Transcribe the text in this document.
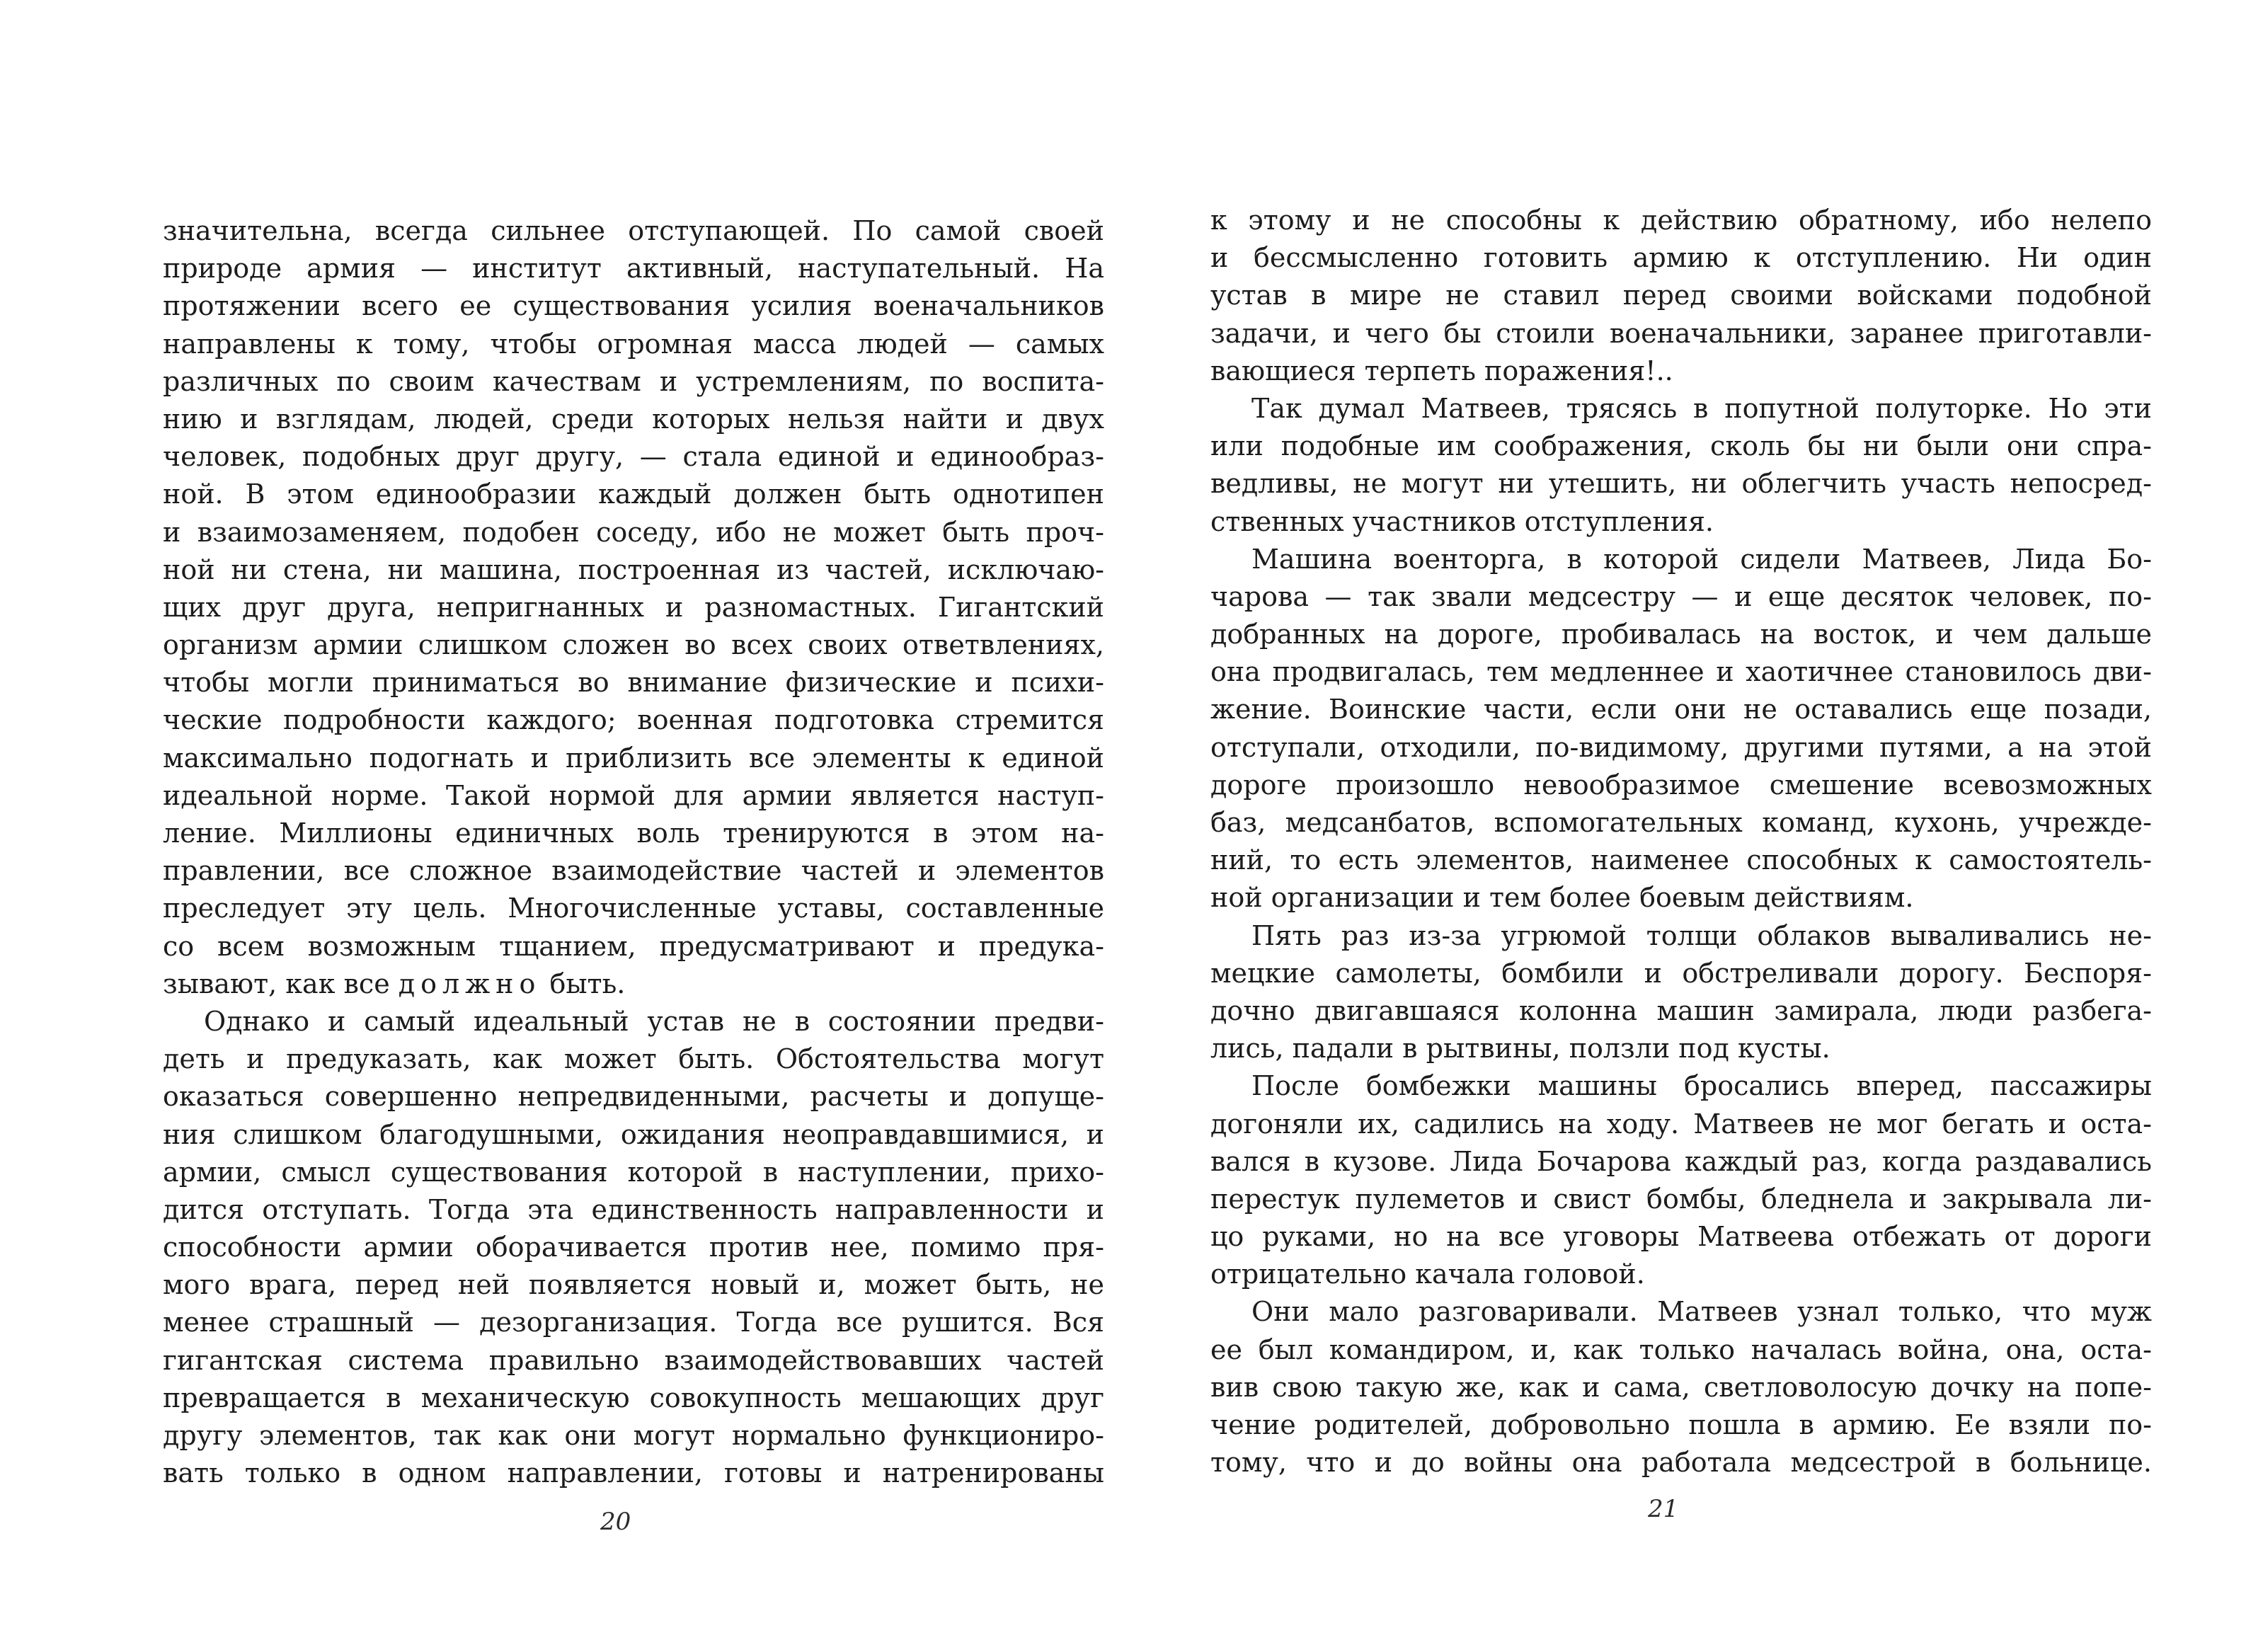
значительна, всегда сильнее отступающей. По самой своей
природе армия — институт активный, наступательный. На
протяжении всего ее существования усилия военачальников
направлены к тому, чтобы огромная масса людей — самых
различных по своим качествам и устремлениям, по воспита-
нию и взглядам, людей, среди которых нельзя найти и двух
человек, подобных друг другу, — стала единой и единообраз-
ной. В этом единообразии каждый должен быть однотипен
и взаимозаменяем, подобен соседу, ибо не может быть проч-
ной ни стена, ни машина, построенная из частей, исключаю-
щих друг друга, непригнанных и разномастных. Гигантский
организм армии слишком сложен во всех своих ответвлениях,
чтобы могли приниматься во внимание физические и психи-
ческие подробности каждого; военная подготовка стремится
максимально подогнать и приблизить все элементы к единой
идеальной норме. Такой нормой для армии является наступ-
ление. Миллионы единичных воль тренируются в этом на-
правлении, все сложное взаимодействие частей и элементов
преследует эту цель. Многочисленные уставы, составленные
со всем возможным тщанием, предусматривают и предука-
зывают, как все должно быть.
Однако и самый идеальный устав не в состоянии предви-
деть и предуказать, как может быть. Обстоятельства могут
оказаться совершенно непредвиденными, расчеты и допуще-
ния слишком благодушными, ожидания неоправдавшимися, и
армии, смысл существования которой в наступлении, прихо-
дится отступать. Тогда эта единственность направленности и
способности армии оборачивается против нее, помимо пря-
мого врага, перед ней появляется новый и, может быть, не
менее страшный — дезорганизация. Тогда все рушится. Вся
гигантская система правильно взаимодействовавших частей
превращается в механическую совокупность мешающих друг
другу элементов, так как они могут нормально функциониро-
вать только в одном направлении, готовы и натренированы
20
к этому и не способны к действию обратному, ибо нелепо
и бессмысленно готовить армию к отступлению. Ни один
устав в мире не ставил перед своими войсками подобной
задачи, и чего бы стоили военачальники, заранее приготавли-
вающиеся терпеть поражения!..
Так думал Матвеев, трясясь в попутной полуторке. Но эти
или подобные им соображения, сколь бы ни были они спра-
ведливы, не могут ни утешить, ни облегчить участь непосред-
ственных участников отступления.
Машина военторга, в которой сидели Матвеев, Лида Бо-
чарова — так звали медсестру — и еще десяток человек, по-
добранных на дороге, пробивалась на восток, и чем дальше
она продвигалась, тем медленнее и хаотичнее становилось дви-
жение. Воинские части, если они не оставались еще позади,
отступали, отходили, по-видимому, другими путями, а на этой
дороге произошло невообразимое смешение всевозможных
баз, медсанбатов, вспомогательных команд, кухонь, учрежде-
ний, то есть элементов, наименее способных к самостоятель-
ной организации и тем более боевым действиям.
Пять раз из-за угрюмой толщи облаков вываливались не-
мецкие самолеты, бомбили и обстреливали дорогу. Беспоря-
дочно двигавшаяся колонна машин замирала, люди разбега-
лись, падали в рытвины, ползли под кусты.
После бомбежки машины бросались вперед, пассажиры
догоняли их, садились на ходу. Матвеев не мог бегать и оста-
вался в кузове. Лида Бочарова каждый раз, когда раздавались
перестук пулеметов и свист бомбы, бледнела и закрывала ли-
цо руками, но на все уговоры Матвеева отбежать от дороги
отрицательно качала головой.
Они мало разговаривали. Матвеев узнал только, что муж
ее был командиром, и, как только началась война, она, оста-
вив свою такую же, как и сама, светловолосую дочку на попе-
чение родителей, добровольно пошла в армию. Ее взяли по-
тому, что и до войны она работала медсестрой в больнице.
21
